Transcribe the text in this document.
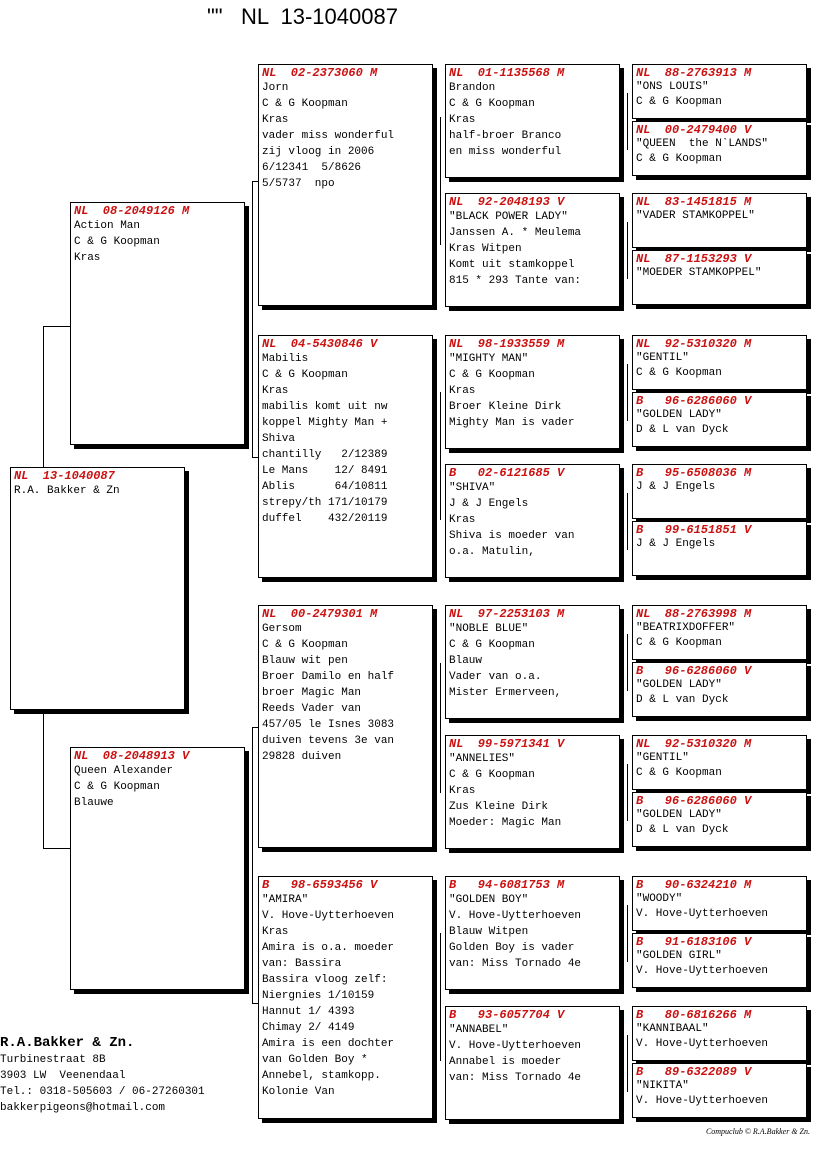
""   NL  13-1040087
NL  13-1040087
R.A. Bakker & Zn
NL  08-2049126 M
Action Man
C & G Koopman
Kras
NL  08-2048913 V
Queen Alexander
C & G Koopman
Blauwe
NL  02-2373060 M
Jorn
C & G Koopman
Kras
vader miss wonderful
zij vloog in 2006
6/12341  5/8626
5/5737  npo
NL  04-5430846 V
Mabilis
C & G Koopman
Kras
mabilis komt uit nw
koppel Mighty Man +
Shiva
chantilly   2/12389
Le Mans    12/ 8491
Ablis      64/10811
strepy/th 171/10179
duffel    432/20119
NL  00-2479301 M
Gersom
C & G Koopman
Blauw wit pen
Broer Damilo en half
broer Magic Man
Reeds Vader van
457/05 le Isnes 3083
duiven tevens 3e van
29828 duiven
B   98-6593456 V
"AMIRA"
V. Hove-Uytterhoeven
Kras
Amira is o.a. moeder
van: Bassira
Bassira vloog zelf:
Niergnies 1/10159
Hannut 1/ 4393
Chimay 2/ 4149
Amira is een dochter
van Golden Boy *
Annebel, stamkopp.
Kolonie Van
NL  01-1135568 M
Brandon
C & G Koopman
Kras
half-broer Branco
en miss wonderful
NL  92-2048193 V
"BLACK POWER LADY"
Janssen A. * Meulema
Kras Witpen
Komt uit stamkoppel
815 * 293 Tante van:
NL  98-1933559 M
"MIGHTY MAN"
C & G Koopman
Kras
Broer Kleine Dirk
Mighty Man is vader
B   02-6121685 V
"SHIVA"
J & J Engels
Kras
Shiva is moeder van
o.a. Matulin,
NL  97-2253103 M
"NOBLE BLUE"
C & G Koopman
Blauw
Vader van o.a.
Mister Ermerveen,
NL  99-5971341 V
"ANNELIES"
C & G Koopman
Kras
Zus Kleine Dirk
Moeder: Magic Man
B   94-6081753 M
"GOLDEN BOY"
V. Hove-Uytterhoeven
Blauw Witpen
Golden Boy is vader
van: Miss Tornado 4e
B   93-6057704 V
"ANNABEL"
V. Hove-Uytterhoeven
Annabel is moeder
van: Miss Tornado 4e
NL  88-2763913 M
"ONS LOUIS"
C & G Koopman
NL  00-2479400 V
"QUEEN  the N`LANDS"
C & G Koopman
NL  83-1451815 M
"VADER STAMKOPPEL"
NL  87-1153293 V
"MOEDER STAMKOPPEL"
NL  92-5310320 M
"GENTIL"
C & G Koopman
B   96-6286060 V
"GOLDEN LADY"
D & L van Dyck
B   95-6508036 M
J & J Engels
B   99-6151851 V
J & J Engels
NL  88-2763998 M
"BEATRIXDOFFER"
C & G Koopman
B   96-6286060 V
"GOLDEN LADY"
D & L van Dyck
NL  92-5310320 M
"GENTIL"
C & G Koopman
B   96-6286060 V
"GOLDEN LADY"
D & L van Dyck
B   90-6324210 M
"WOODY"
V. Hove-Uytterhoeven
B   91-6183106 V
"GOLDEN GIRL"
V. Hove-Uytterhoeven
B   80-6816266 M
"KANNIBAAL"
V. Hove-Uytterhoeven
B   89-6322089 V
"NIKITA"
V. Hove-Uytterhoeven
R.A.Bakker & Zn.
Turbinestraat 8B
3903 LW  Veenendaal
Tel.: 0318-505603 / 06-27260301
bakkerpigeons@hotmail.com
Compuclub © R.A.Bakker & Zn.
